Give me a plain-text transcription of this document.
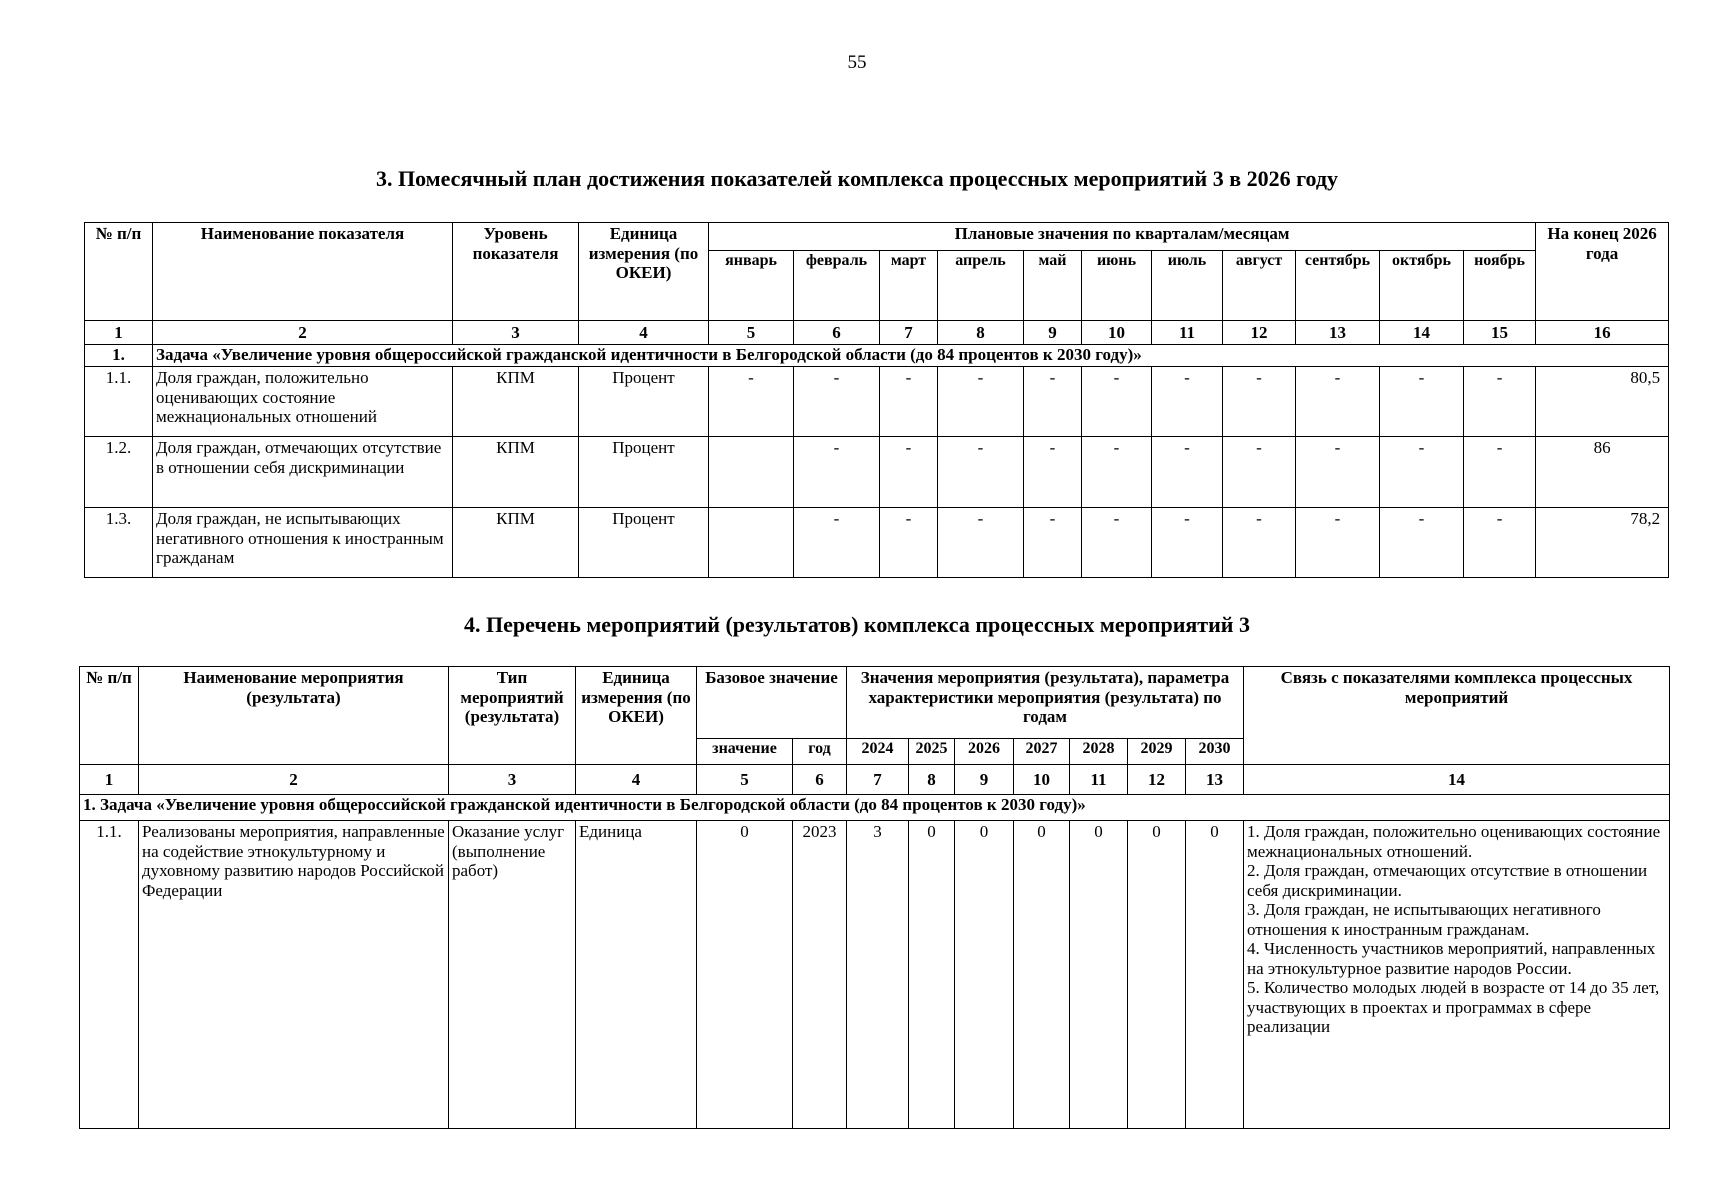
55
3. Помесячный план достижения показателей комплекса процессных мероприятий 3 в 2026 году
№ п/п	Наименование показателя	Уровень показателя	Единица измерения (по ОКЕИ)	Плановые значения по кварталам/месяцам											На конец 2026 года
				январь	февраль	март	апрель	май	июнь	июль	август	сентябрь	октябрь	ноябрь	
1	2	3	4	5	6	7	8	9	10	11	12	13	14	15	16
1.	Задача «Увеличение уровня общероссийской гражданской идентичности в Белгородской области (до 84 процентов к 2030 году)»														
1.1.	Доля граждан, положительно оценивающих состояние межнациональных отношений	КПМ	Процент	-	-	-	-	-	-	-	-	-	-	-	80,5
1.2.	Доля граждан, отмечающих отсутствие в отношении себя дискриминации	КПМ	Процент		-	-	-	-	-	-	-	-	-	-	86
1.3.	Доля граждан, не испытывающих негативного отношения к иностранным гражданам	КПМ	Процент		-	-	-	-	-	-	-	-	-	-	78,2
4. Перечень мероприятий (результатов) комплекса процессных мероприятий 3
№ п/п	Наименование мероприятия (результата)	Тип мероприятий (результата)	Единица измерения (по ОКЕИ)	Базовое значение		Значения мероприятия (результата), параметра характеристики мероприятия (результата) по годам							Связь с показателями комплекса процессных мероприятий
				значение	год	2024	2025	2026	2027	2028	2029	2030	
1	2	3	4	5	6	7	8	9	10	11	12	13	14
1. Задача «Увеличение уровня общероссийской гражданской идентичности в Белгородской области (до 84 процентов к 2030 году)»													
1.1.	Реализованы мероприятия, направленные на содействие этнокультурному и духовному развитию народов Российской Федерации	Оказание услуг (выполнение работ)	Единица	0	2023	3	0	0	0	0	0	0	1. Доля граждан, положительно оценивающих состояние межнациональных отношений.
2. Доля граждан, отмечающих отсутствие в отношении себя дискриминации.
3. Доля граждан, не испытывающих негативного отношения к иностранным гражданам.
4. Численность участников мероприятий, направленных на этнокультурное развитие народов России.
5. Количество молодых людей в возрасте от 14 до 35 лет, участвующих в проектах и программах в сфере реализации
